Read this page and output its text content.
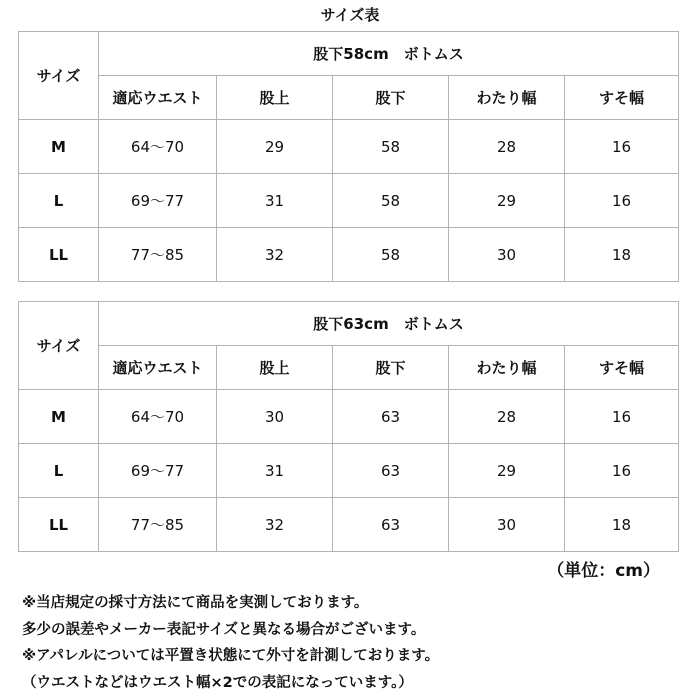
サイズ表
サイズ	股下58cm　ボトムス				
	適応ウエスト	股上	股下	わたり幅	すそ幅
M	64～70	29	58	28	16
L	69～77	31	58	29	16
LL	77～85	32	58	30	18
サイズ	股下63cm　ボトムス				
	適応ウエスト	股上	股下	わたり幅	すそ幅
M	64～70	30	63	28	16
L	69～77	31	63	29	16
LL	77～85	32	63	30	18
（単位：cm）
※当店規定の採寸方法にて商品を実測しております。
多少の誤差やメーカー表記サイズと異なる場合がございます。
※アパレルについては平置き状態にて外寸を計測しております。
（ウエストなどはウエスト幅×2での表記になっています。）
